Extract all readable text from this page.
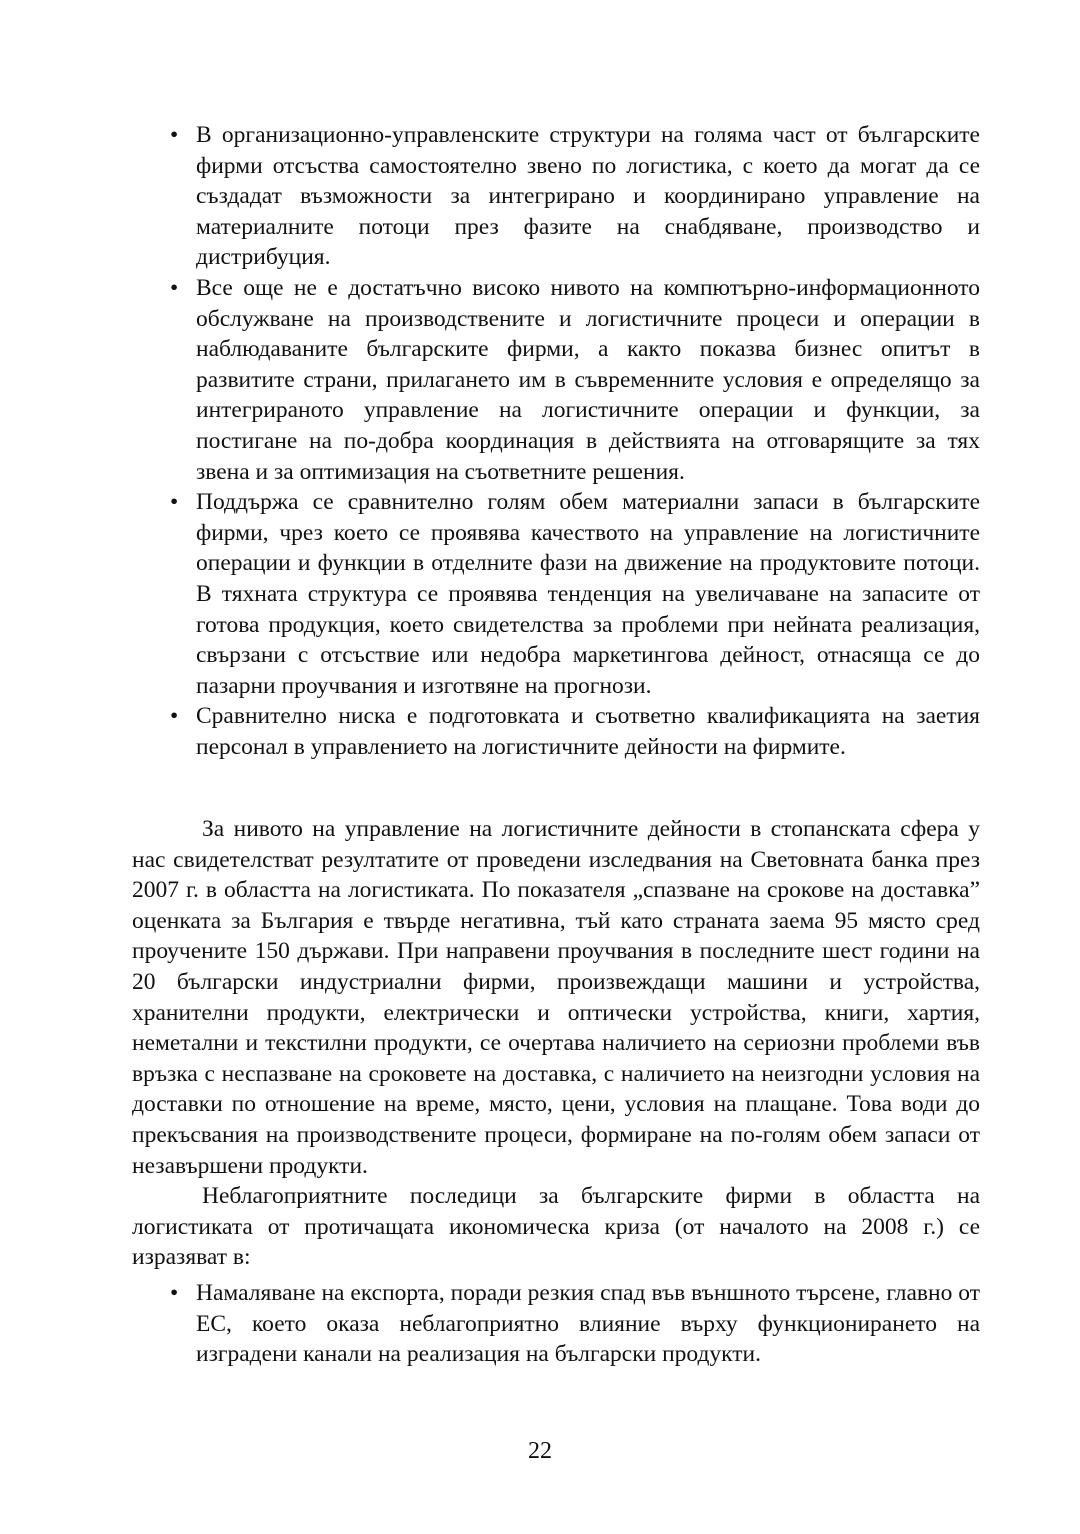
• В организационно-управленските структури на голяма част от българските фирми отсъства самостоятелно звено по логистика, с което да могат да се създадат възможности за интегрирано и координирано управление на материалните потоци през фазите на снабдяване, производство и дистрибуция.
• Все още не е достатъчно високо нивото на компютърно-информационното обслужване на производствените и логистичните процеси и операции в наблюдаваните българските фирми, а както показва бизнес опитът в развитите страни, прилагането им в съвременните условия е определящо за интегрираното управление на логистичните операции и функции, за постигане на по-добра координация в действията на отговарящите за тях звена и за оптимизация на съответните решения.
• Поддържа се сравнително голям обем материални запаси в българските фирми, чрез което се проявява качеството на управление на логистичните операции и функции в отделните фази на движение на продуктовите потоци. В тяхната структура се проявява тенденция на увеличаване на запасите от готова продукция, което свидетелства за проблеми при нейната реализация, свързани с отсъствие или недобра маркетингова дейност, отнасяща се до пазарни проучвания и изготвяне на прогнози.
• Сравнително ниска е подготовката и съответно квалификацията на заетия персонал в управлението на логистичните дейности на фирмите.

За нивото на управление на логистичните дейности в стопанската сфера у нас свидетелстват резултатите от проведени изследвания на Световната банка през 2007 г. в областта на логистиката. По показателя „спазване на срокове на доставка” оценката за България е твърде негативна, тъй като страната заема 95 място сред проучените 150 държави. При направени проучвания в последните шест години на 20 български индустриални фирми, произвеждащи машини и устройства, хранителни продукти, електрически и оптически устройства, книги, хартия, неметални и текстилни продукти, се очертава наличието на сериозни проблеми във връзка с неспазване на сроковете на доставка, с наличието на неизгодни условия на доставки по отношение на време, място, цени, условия на плащане. Това води до прекъсвания на производствените процеси, формиране на по-голям обем запаси от незавършени продукти.

Неблагоприятните последици за българските фирми в областта на логистиката от протичащата икономическа криза (от началото на 2008 г.) се изразяват в:

• Намаляване на експорта, поради резкия спад във външното търсене, главно от ЕС, което оказа неблагоприятно влияние върху функционирането на изградени канали на реализация на български продукти.
22
